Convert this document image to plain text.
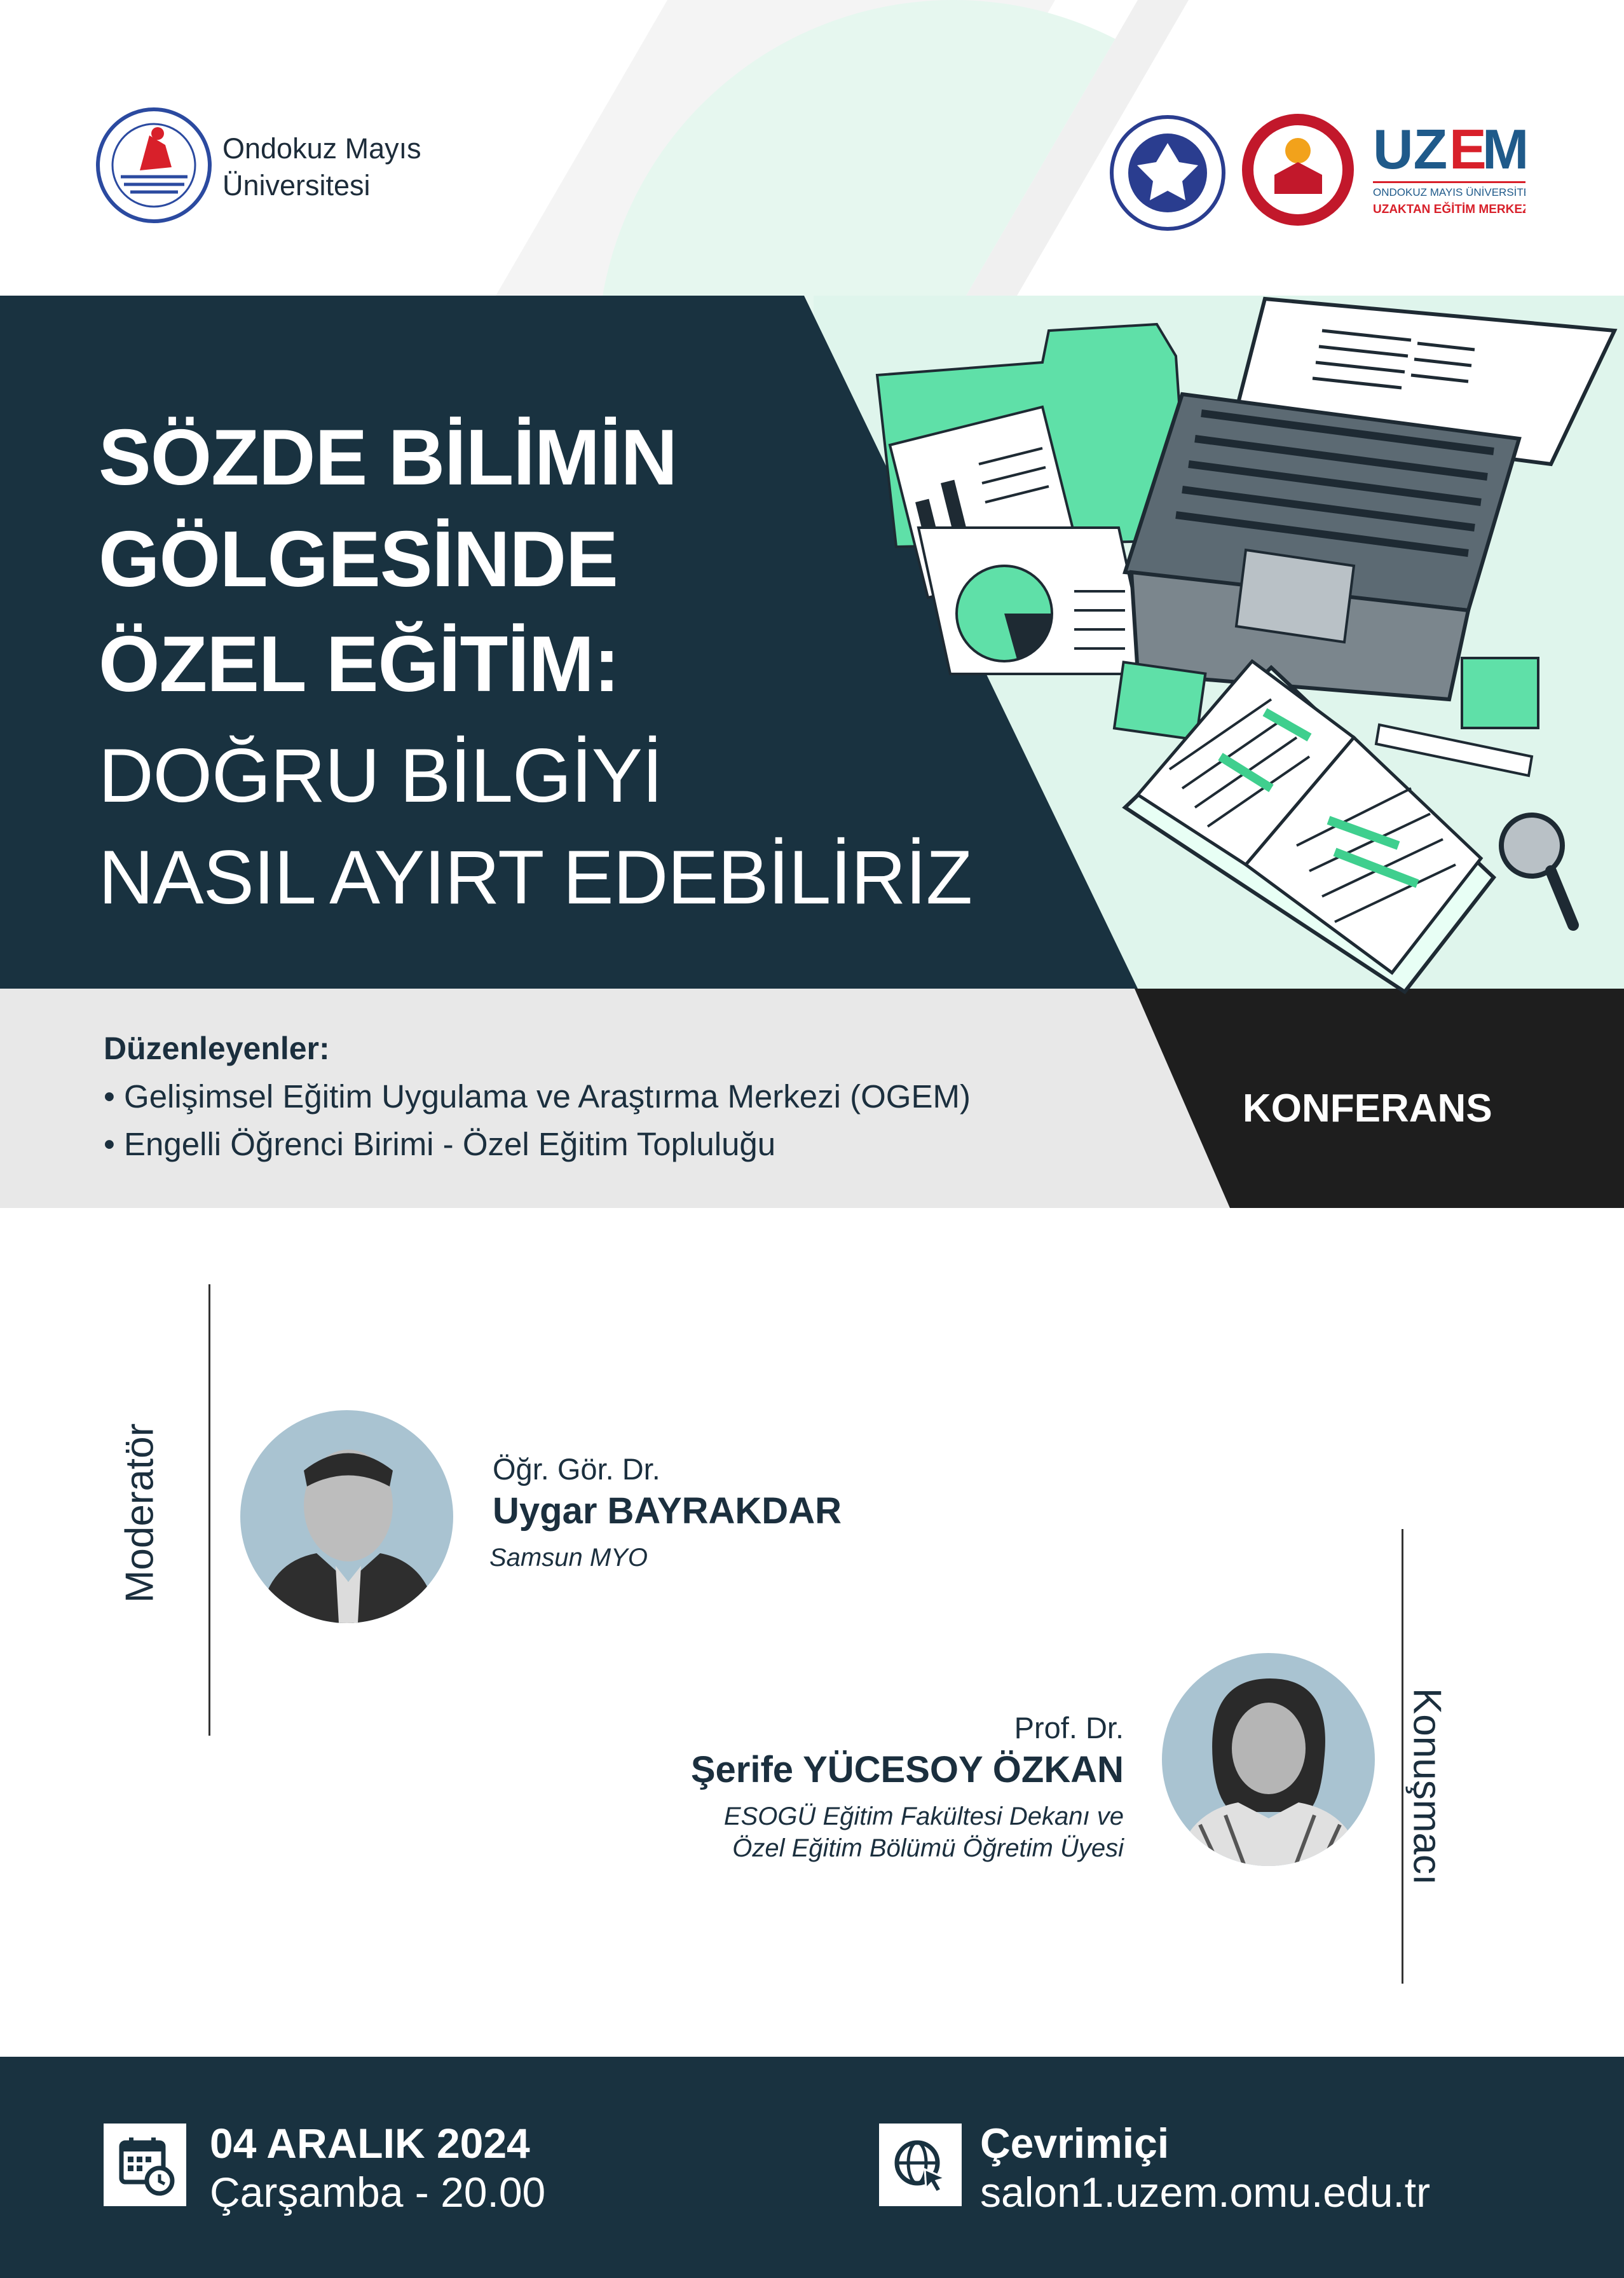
Ondokuz Mayıs
Üniversitesi
UZ E
M
ONDOKUZ MAYIS ÜNİVERSİTESİ
UZAKTAN EĞİTİM MERKEZİ
SÖZDE BİLİMİN
GÖLGESİNDE
ÖZEL EĞİTİM:
DOĞRU BİLGİYİ
NASIL AYIRT EDEBİLİRİZ
Düzenleyenler:
• Gelişimsel Eğitim Uygulama ve Araştırma Merkezi (OGEM)
• Engelli Öğrenci Birimi - Özel Eğitim Topluluğu
KONFERANS
Moderatör	Öğr. Gör. Dr.
Uygar BAYRAKDAR
Samsun MYO
Konuşmacı
Prof. Dr.
Şerife YÜCESOY ÖZKAN
ESOGÜ Eğitim Fakültesi Dekanı ve
Özel Eğitim Bölümü Öğretim Üyesi
04 ARALIK 2024
Çarşamba - 20.00
Çevrimiçi
salon1.uzem.omu.edu.tr
